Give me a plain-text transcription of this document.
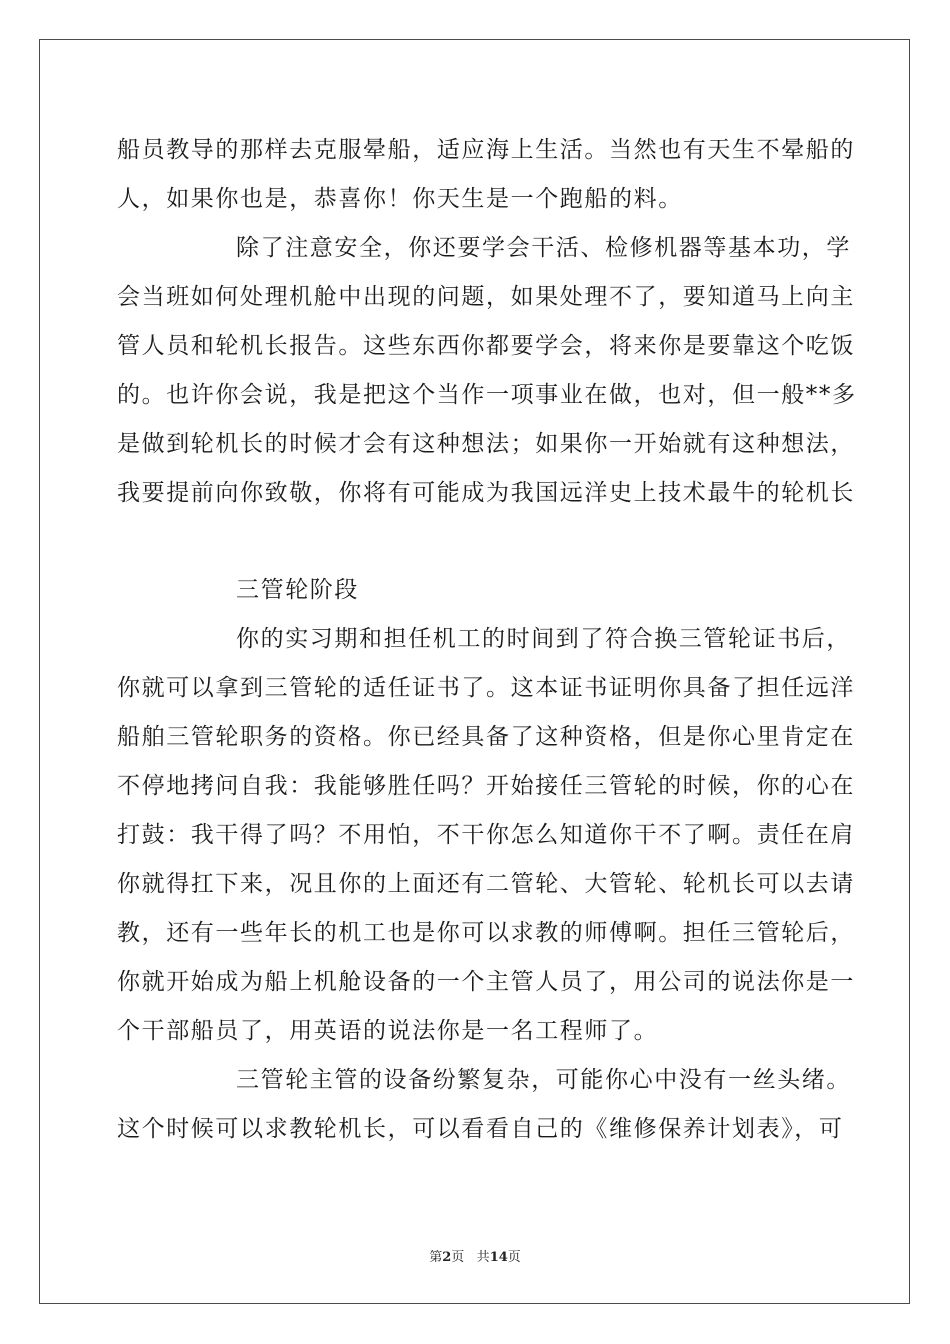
船员教导的那样去克服晕船，适应海上生活。当然也有天生不晕船的
人，如果你也是，恭喜你！你天生是一个跑船的料。

除了注意安全，你还要学会干活、检修机器等基本功，学
会当班如何处理机舱中出现的问题，如果处理不了，要知道马上向主
管人员和轮机长报告。这些东西你都要学会，将来你是要靠这个吃饭
的。也许你会说，我是把这个当作一项事业在做，也对，但一般**多
是做到轮机长的时候才会有这种想法；如果你一开始就有这种想法，
我要提前向你致敬，你将有可能成为我国远洋史上技术最牛的轮机长

三管轮阶段

你的实习期和担任机工的时间到了符合换三管轮证书后，
你就可以拿到三管轮的适任证书了。这本证书证明你具备了担任远洋
船舶三管轮职务的资格。你已经具备了这种资格，但是你心里肯定在
不停地拷问自我：我能够胜任吗？开始接任三管轮的时候，你的心在
打鼓：我干得了吗？不用怕，不干你怎么知道你干不了啊。责任在肩
你就得扛下来，况且你的上面还有二管轮、大管轮、轮机长可以去请
教，还有一些年长的机工也是你可以求教的师傅啊。担任三管轮后，
你就开始成为船上机舱设备的一个主管人员了，用公司的说法你是一
个干部船员了，用英语的说法你是一名工程师了。

三管轮主管的设备纷繁复杂，可能你心中没有一丝头绪。
这个时候可以求教轮机长，可以看看自己的《维修保养计划表》，可

第2页 共14页
